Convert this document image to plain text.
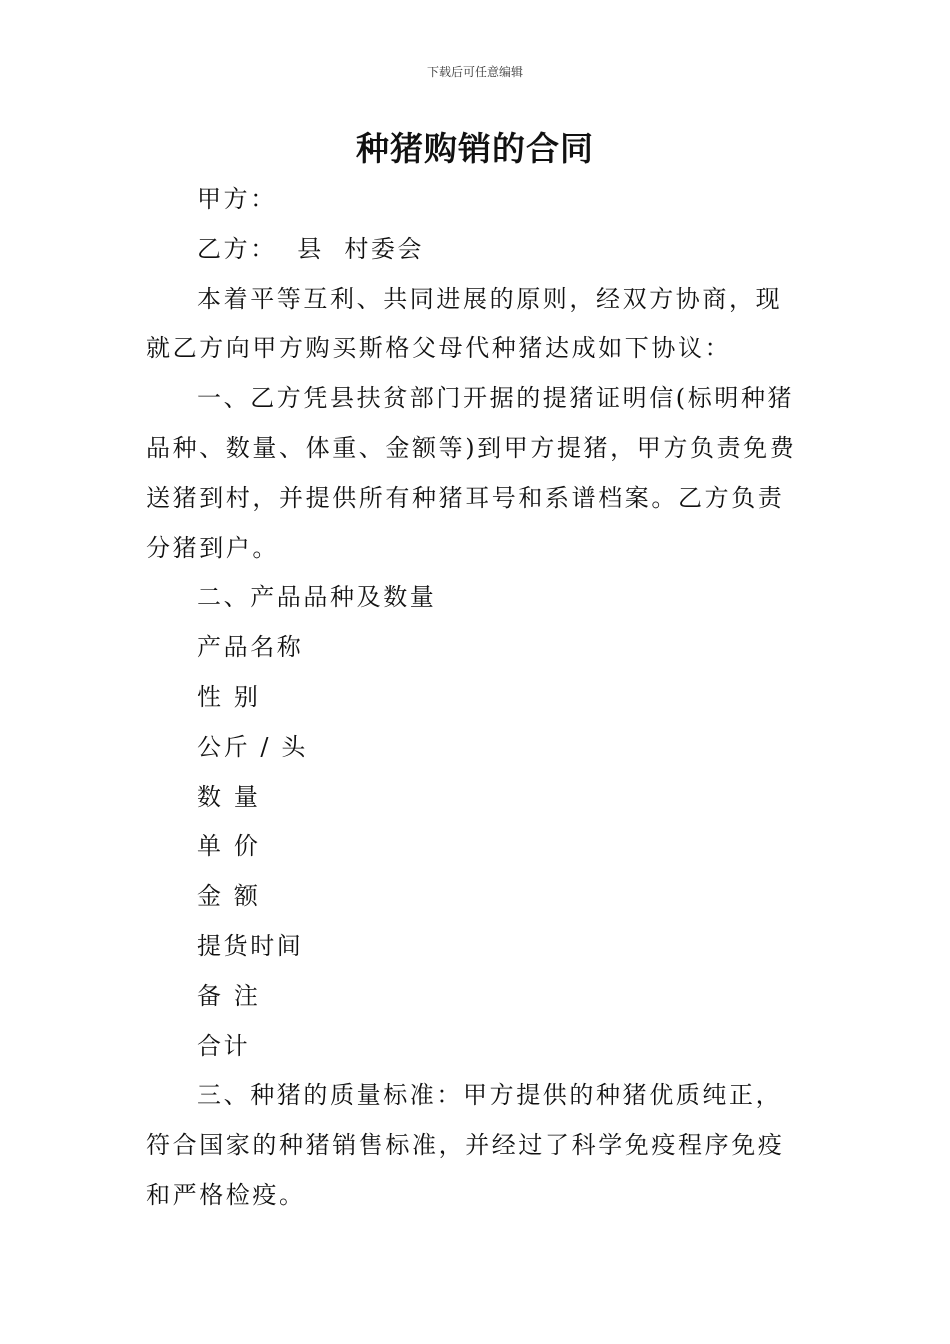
下载后可任意编辑
种猪购销的合同

甲方：

乙方：  县  村委会

本着平等互利、共同进展的原则，经双方协商，现就乙方向甲方购买斯格父母代种猪达成如下协议：

一、乙方凭县扶贫部门开据的提猪证明信(标明种猪品种、数量、体重、金额等)到甲方提猪，甲方负责免费送猪到村，并提供所有种猪耳号和系谱档案。乙方负责分猪到户。

二、产品品种及数量

产品名称

性 别

公斤 / 头

数 量

单 价

金 额

提货时间

备 注

合计

三、种猪的质量标准：甲方提供的种猪优质纯正，符合国家的种猪销售标准，并经过了科学免疫程序免疫和严格检疫。
